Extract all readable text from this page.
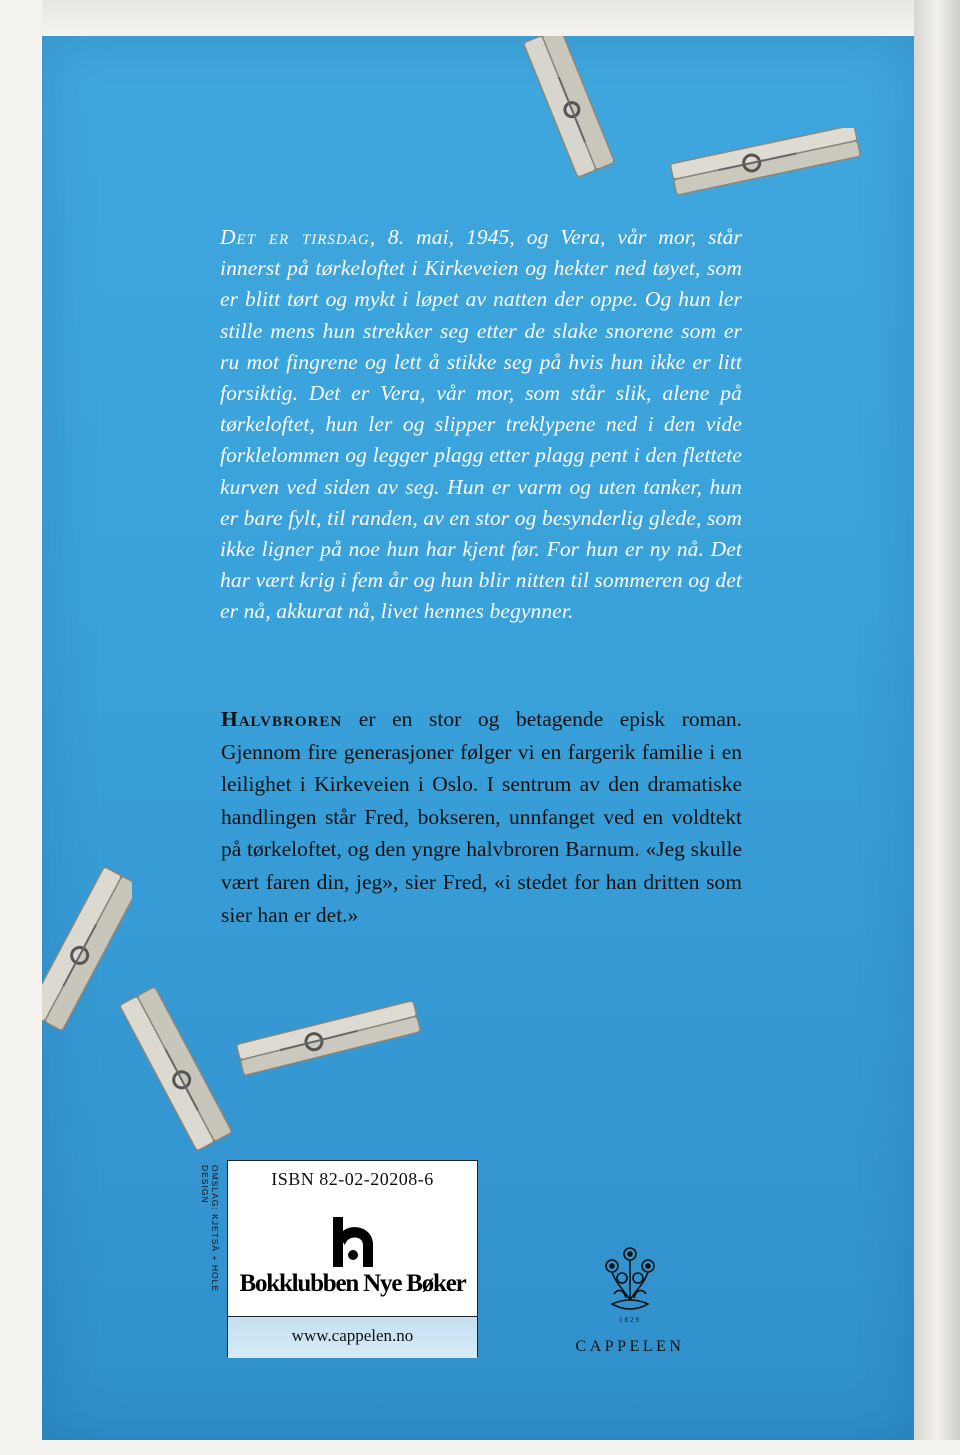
Det er tirsdag, 8. mai, 1945, og Vera, vår mor, står innerst på tørkeloftet i Kirkeveien og hekter ned tøyet, som er blitt tørt og mykt i løpet av natten der oppe. Og hun ler stille mens hun strekker seg etter de slake snorene som er ru mot fingrene og lett å stikke seg på hvis hun ikke er litt forsiktig. Det er Vera, vår mor, som står slik, alene på tørkeloftet, hun ler og slipper treklypene ned i den vide forklelommen og legger plagg etter plagg pent i den flettete kurven ved siden av seg. Hun er varm og uten tanker, hun er bare fylt, til randen, av en stor og besynderlig glede, som ikke ligner på noe hun har kjent før. For hun er ny nå. Det har vært krig i fem år og hun blir nitten til sommeren og det er nå, akkurat nå, livet hennes begynner.
Halvbroren er en stor og betagende episk roman. Gjennom fire generasjoner følger vi en fargerik familie i en leilighet i Kirkeveien i Oslo. I sentrum av den dramatiske handlingen står Fred, bokseren, unnfanget ved en voldtekt på tørkeloftet, og den yngre halvbroren Barnum. «Jeg skulle vært faren din, jeg», sier Fred, «i stedet for han dritten som sier han er det.»
OMSLAG: KJETSÅ + HOLE DESIGN	ISBN 82-02-20208-6
Bokklubben Nye Bøker
www.cappelen.no
1829
CAPPELEN
